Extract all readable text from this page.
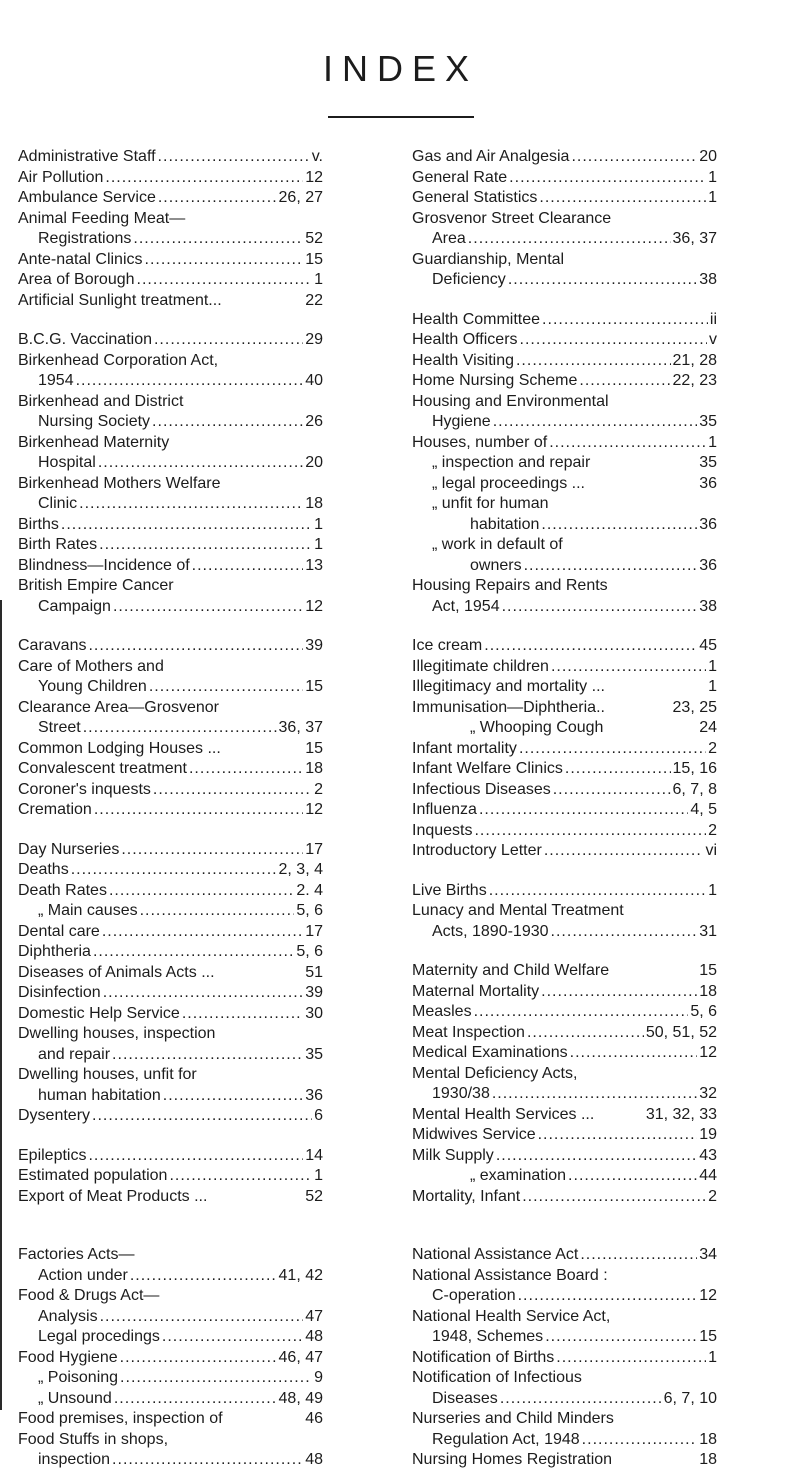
INDEX
Administrative Staff .....	v.
Air Pollution .....	12
Ambulance Service .....	26, 27
Animal Feeding Meat—
Registrations .....	52
Ante-natal Clinics .....	15
Area of Borough .....	1
Artificial Sunlight treatment...	22
B.C.G. Vaccination .....	29
Birkenhead Corporation Act,
1954 .....	40
Birkenhead and District
Nursing Society .....	26
Birkenhead Maternity
Hospital .....	20
Birkenhead Mothers Welfare
Clinic .....	18
Births .....	1
Birth Rates .....	1
Blindness—Incidence of .....	13
British Empire Cancer
Campaign .....	12
Caravans .....	39
Care of Mothers and
Young Children .....	15
Clearance Area—Grosvenor
Street .....	36, 37
Common Lodging Houses ...	15
Convalescent treatment .....	18
Coroner's inquests .....	2
Cremation .....	12
Day Nurseries .....	17
Deaths .....	2, 3, 4
Death Rates .....	2. 4
„ Main causes .....	5, 6
Dental care .....	17
Diphtheria .....	5, 6
Diseases of Animals Acts ...	51
Disinfection .....	39
Domestic Help Service .....	30
Dwelling houses, inspection
and repair .....	35
Dwelling houses, unfit for
human habitation .....	36
Dysentery .....	6
Epileptics .....	14
Estimated population .....	1
Export of Meat Products ...	52
Factories Acts—
Action under .....	41, 42
Food & Drugs Act—
Analysis .....	47
Legal procedings .....	48
Food Hygiene .....	46, 47
„ Poisoning .....	9
„ Unsound .....	48, 49
Food premises, inspection of	46
Food Stuffs in shops,
inspection .....	48
Gas and Air Analgesia .....	20
General Rate .....	1
General Statistics .....	1
Grosvenor Street Clearance
Area .....	36, 37
Guardianship, Mental
Deficiency .....	38
Health Committee .....	ii
Health Officers .....	v
Health Visiting .....	21, 28
Home Nursing Scheme .....	22, 23
Housing and Environmental
Hygiene .....	35
Houses, number of .....	1
„ inspection and repair	35
„ legal proceedings ...	36
„ unfit for human
habitation .....	36
„ work in default of
owners .....	36
Housing Repairs and Rents
Act, 1954 .....	38
Ice cream .....	45
Illegitimate children .....	1
Illegitimacy and mortality ...	1
Immunisation—Diphtheria..	23, 25
„ Whooping Cough	24
Infant mortality .....	2
Infant Welfare Clinics .....	15, 16
Infectious Diseases .....	6, 7, 8
Influenza .....	4, 5
Inquests .....	2
Introductory Letter .....	vi
Live Births .....	1
Lunacy and Mental Treatment
Acts, 1890-1930 .....	31
Maternity and Child Welfare	15
Maternal Mortality .....	18
Measles .....	5, 6
Meat Inspection .....	50, 51, 52
Medical Examinations .....	12
Mental Deficiency Acts,
1930/38 .....	32
Mental Health Services ...	31, 32, 33
Midwives Service .....	19
Milk Supply .....	43
„ examination .....	44
Mortality, Infant .....	2
National Assistance Act .....	34
National Assistance Board :
C-operation .....	12
National Health Service Act,
1948, Schemes .....	15
Notification of Births .....	1
Notification of Infectious
Diseases .....	6, 7, 10
Nurseries and Child Minders
Regulation Act, 1948 .....	18
Nursing Homes Registration	18
